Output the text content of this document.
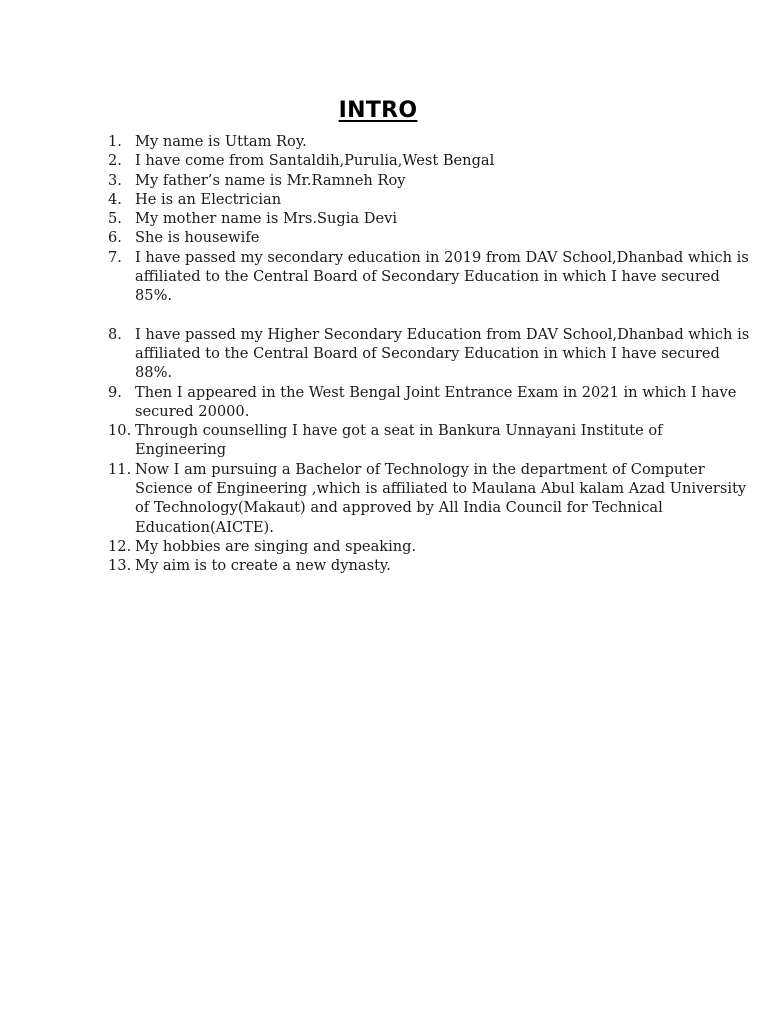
INTRO
1. My name is Uttam Roy.
2. I have come from Santaldih,Purulia,West Bengal
3. My father’s name is Mr.Ramneh Roy
4. He is an Electrician
5. My mother name is Mrs.Sugia Devi
6. She is housewife
7. I have passed my secondary education in 2019 from DAV School,Dhanbad which is affiliated to the Central Board of Secondary Education in which I have secured 85%.
8. I have passed my Higher Secondary Education from DAV School,Dhanbad which is affiliated to the Central Board of Secondary Education in which I have secured 88%.
9. Then I appeared in the West Bengal Joint Entrance Exam in 2021 in which I have secured 20000.
10. Through counselling I have got a seat in Bankura Unnayani Institute of Engineering
11. Now I am pursuing a Bachelor of Technology in the department of Computer Science of Engineering ,which is affiliated to Maulana Abul kalam Azad University of Technology(Makaut) and approved by All India Council for Technical Education(AICTE).
12. My hobbies are singing and speaking.
13. My aim is to create a new dynasty.
